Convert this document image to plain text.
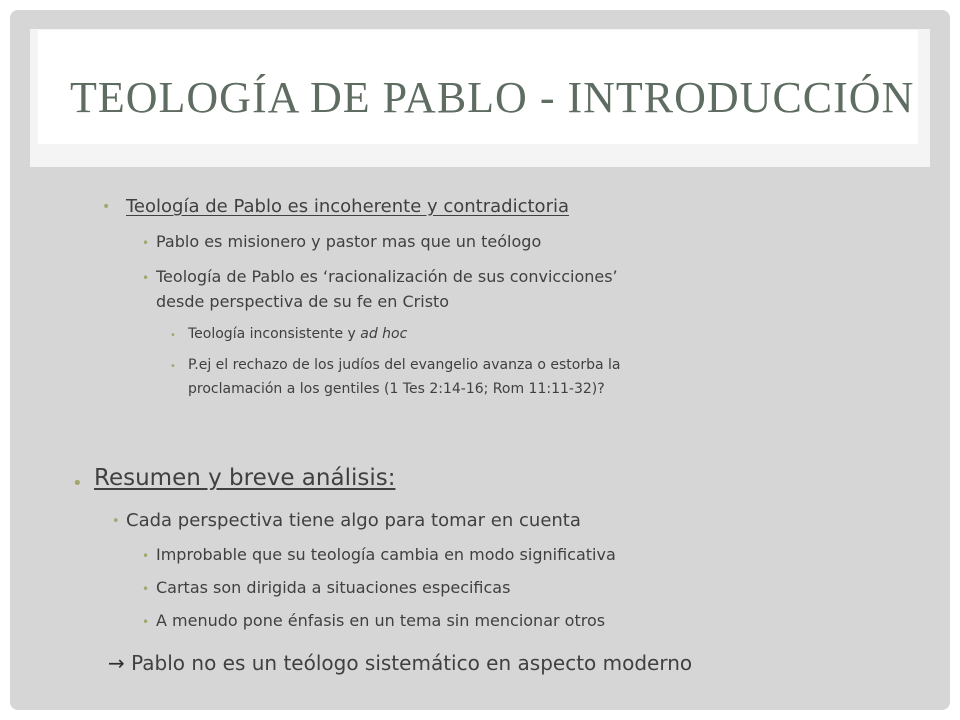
TEOLOGÍA DE PABLO - INTRODUCCIÓN
• Teología de Pablo es incoherente y contradictoria
• Pablo es misionero y pastor mas que un teólogo
• Teología de Pablo es ‘racionalización de sus convicciones’
desde perspectiva de su fe en Cristo
• Teología inconsistente y ad hoc
• P.ej el rechazo de los judíos del evangelio avanza o estorba la
proclamación a los gentiles (1 Tes 2:14-16; Rom 11:11-32)?
• Resumen y breve análisis:
• Cada perspectiva tiene algo para tomar en cuenta
• Improbable que su teología cambia en modo significativa
• Cartas son dirigida a situaciones especificas
• A menudo pone énfasis en un tema sin mencionar otros
→ Pablo no es un teólogo sistemático en aspecto moderno
